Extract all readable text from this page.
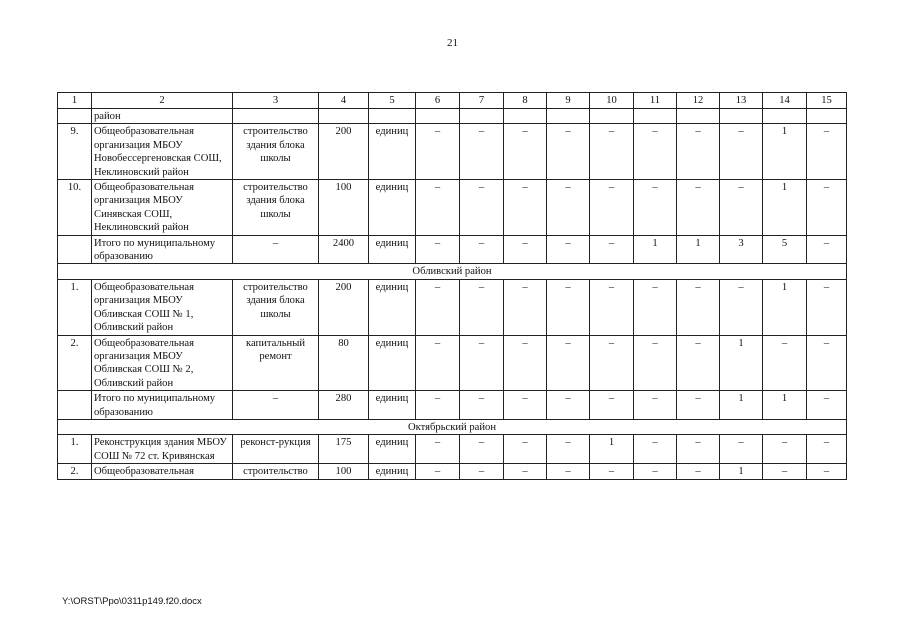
21
1	2	3	4	5	6	7	8	9	10	11	12	13	14	15
	район													
9.	Общеобразовательная организация МБОУ Новобессергеновская СОШ, Неклиновский район	строительство здания блока школы	200	единиц	–	–	–	–	–	–	–	–	1	–
10.	Общеобразовательная организация МБОУ Синявская СОШ, Неклиновский район	строительство здания блока школы	100	единиц	–	–	–	–	–	–	–	–	1	–
	Итого по муниципальному образованию	–	2400	единиц	–	–	–	–	–	1	1	3	5	–
Обливский район														
1.	Общеобразовательная организация МБОУ Обливская СОШ № 1, Обливский район	строительство здания блока школы	200	единиц	–	–	–	–	–	–	–	–	1	–
2.	Общеобразовательная организация МБОУ Обливская СОШ № 2, Обливский район	капитальный ремонт	80	единиц	–	–	–	–	–	–	–	1	–	–
	Итого по муниципальному образованию	–	280	единиц	–	–	–	–	–	–	–	1	1	–
Октябрьский район														
1.	Реконструкция здания МБОУ СОШ № 72 ст. Кривянская	реконст-рукция	175	единиц	–	–	–	–	1	–	–	–	–	–
2.	Общеобразовательная	строительство	100	единиц	–	–	–	–	–	–	–	1	–	–
Y:\ORST\Ppo\0311p149.f20.docx
